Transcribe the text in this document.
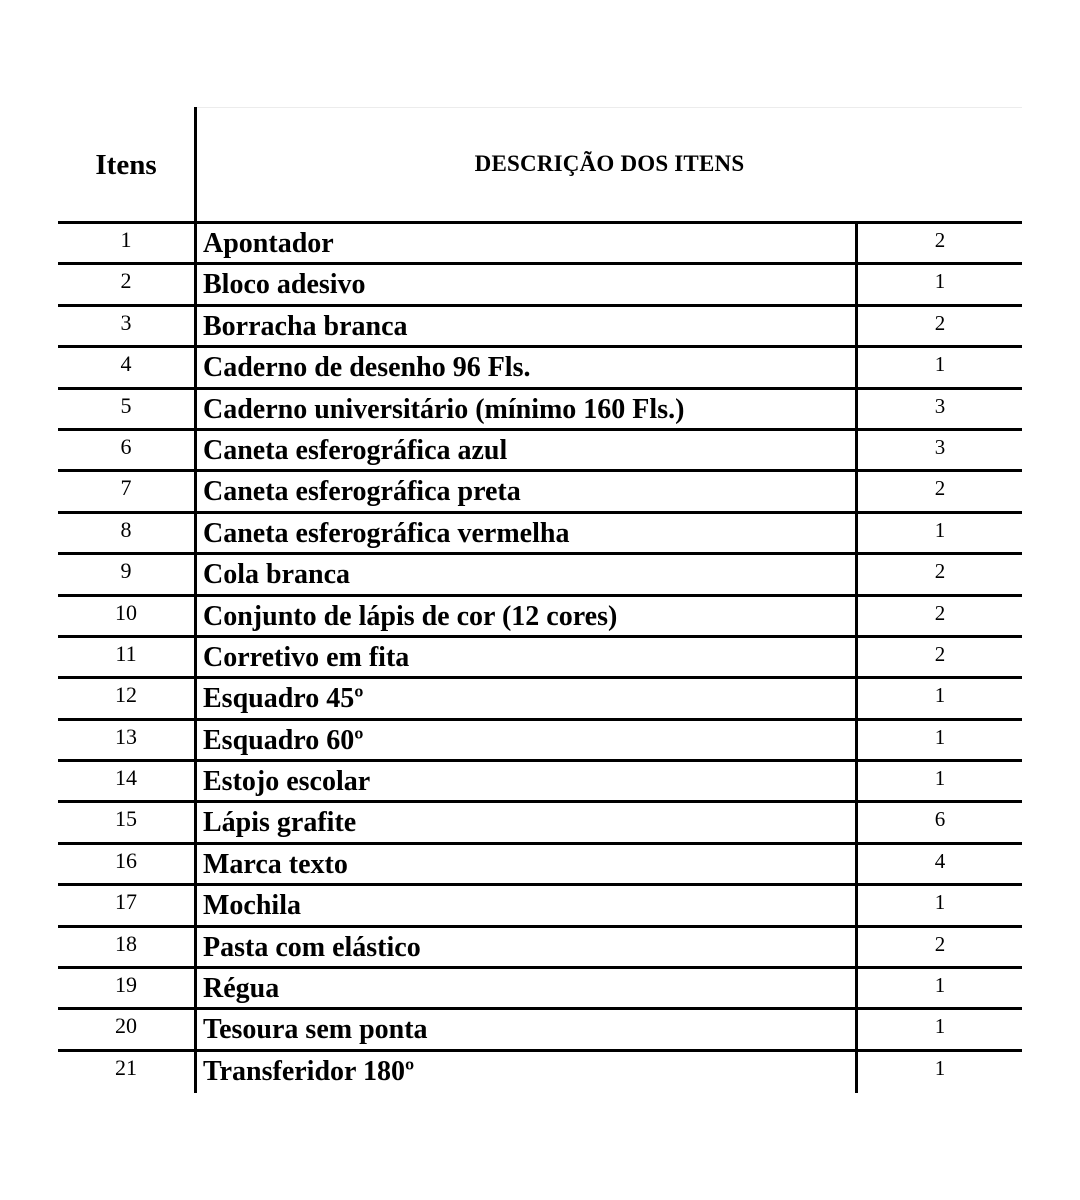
Itens	DESCRIÇÃO DOS ITENS
1	Apontador	2
2	Bloco adesivo	1
3	Borracha branca	2
4	Caderno de desenho 96 Fls.	1
5	Caderno universitário (mínimo 160 Fls.)	3
6	Caneta esferográfica azul	3
7	Caneta esferográfica preta	2
8	Caneta esferográfica vermelha	1
9	Cola branca	2
10	Conjunto de lápis de cor (12 cores)	2
11	Corretivo em fita	2
12	Esquadro 45º	1
13	Esquadro 60º	1
14	Estojo escolar	1
15	Lápis grafite	6
16	Marca texto	4
17	Mochila	1
18	Pasta com elástico	2
19	Régua	1
20	Tesoura sem ponta	1
21	Transferidor 180º	1
